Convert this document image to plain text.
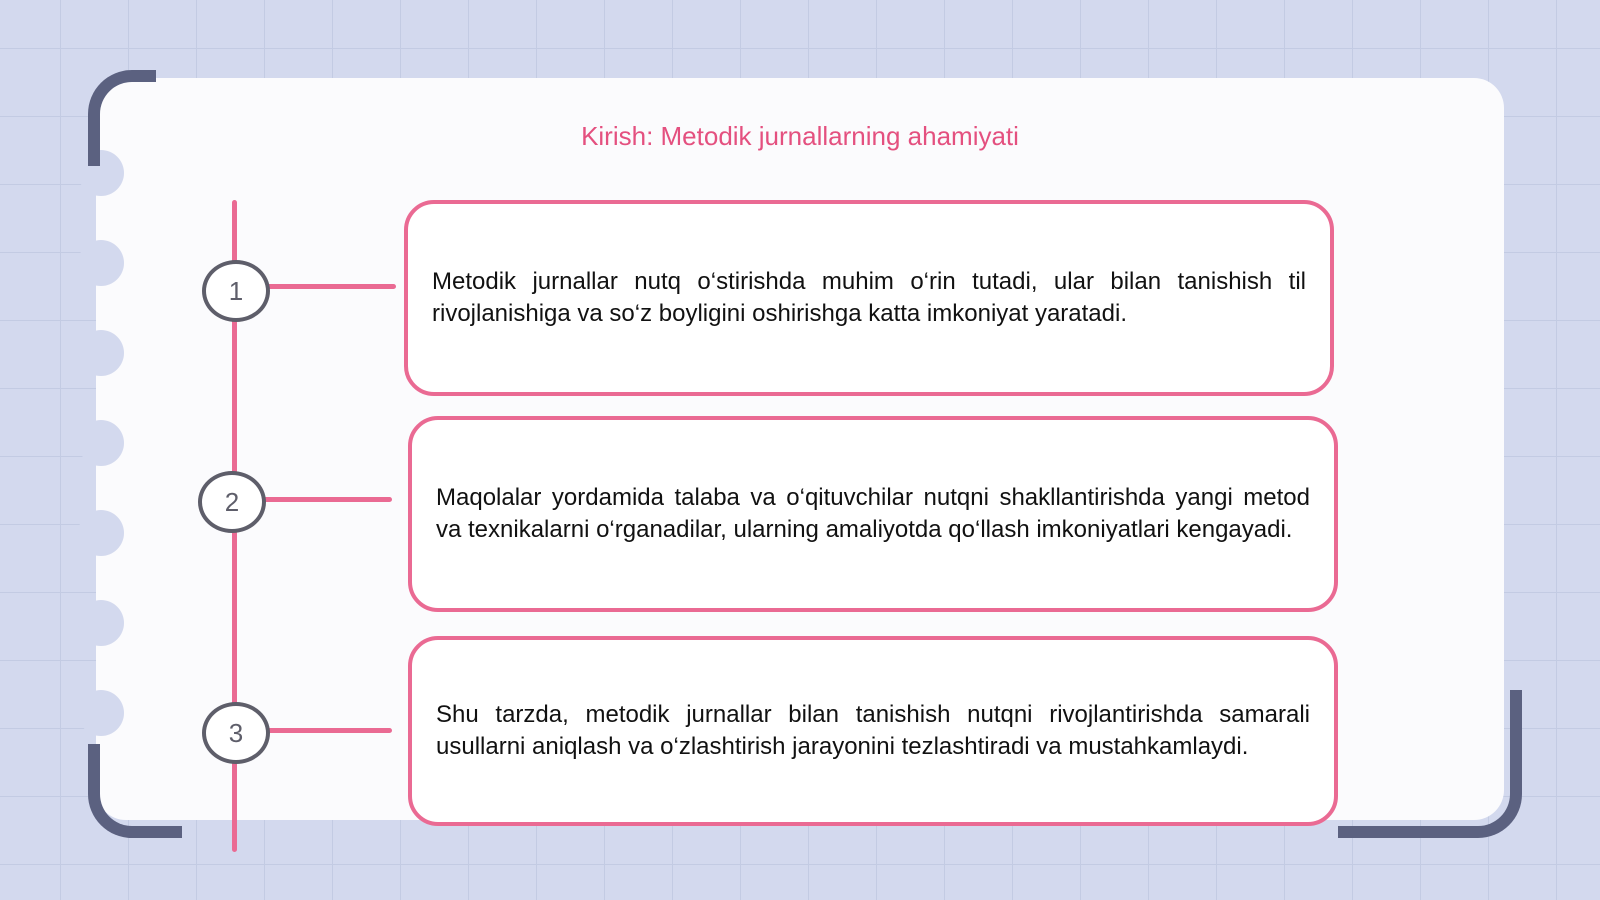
Kirish: Metodik jurnallarning ahamiyati
1
2
3

Metodik jurnallar nutq o‘stirishda muhim o‘rin tutadi, ular bilan tanishish til rivojlanishiga va so‘z boyligini oshirishga katta imkoniyat yaratadi.

Maqolalar yordamida talaba va o‘qituvchilar nutqni shakllantirishda yangi metod va texnikalarni o‘rganadilar, ularning amaliyotda qo‘llash imkoniyatlari kengayadi.

Shu tarzda, metodik jurnallar bilan tanishish nutqni rivojlantirishda samarali usullarni aniqlash va o‘zlashtirish jarayonini tezlashtiradi va mustahkamlaydi.
